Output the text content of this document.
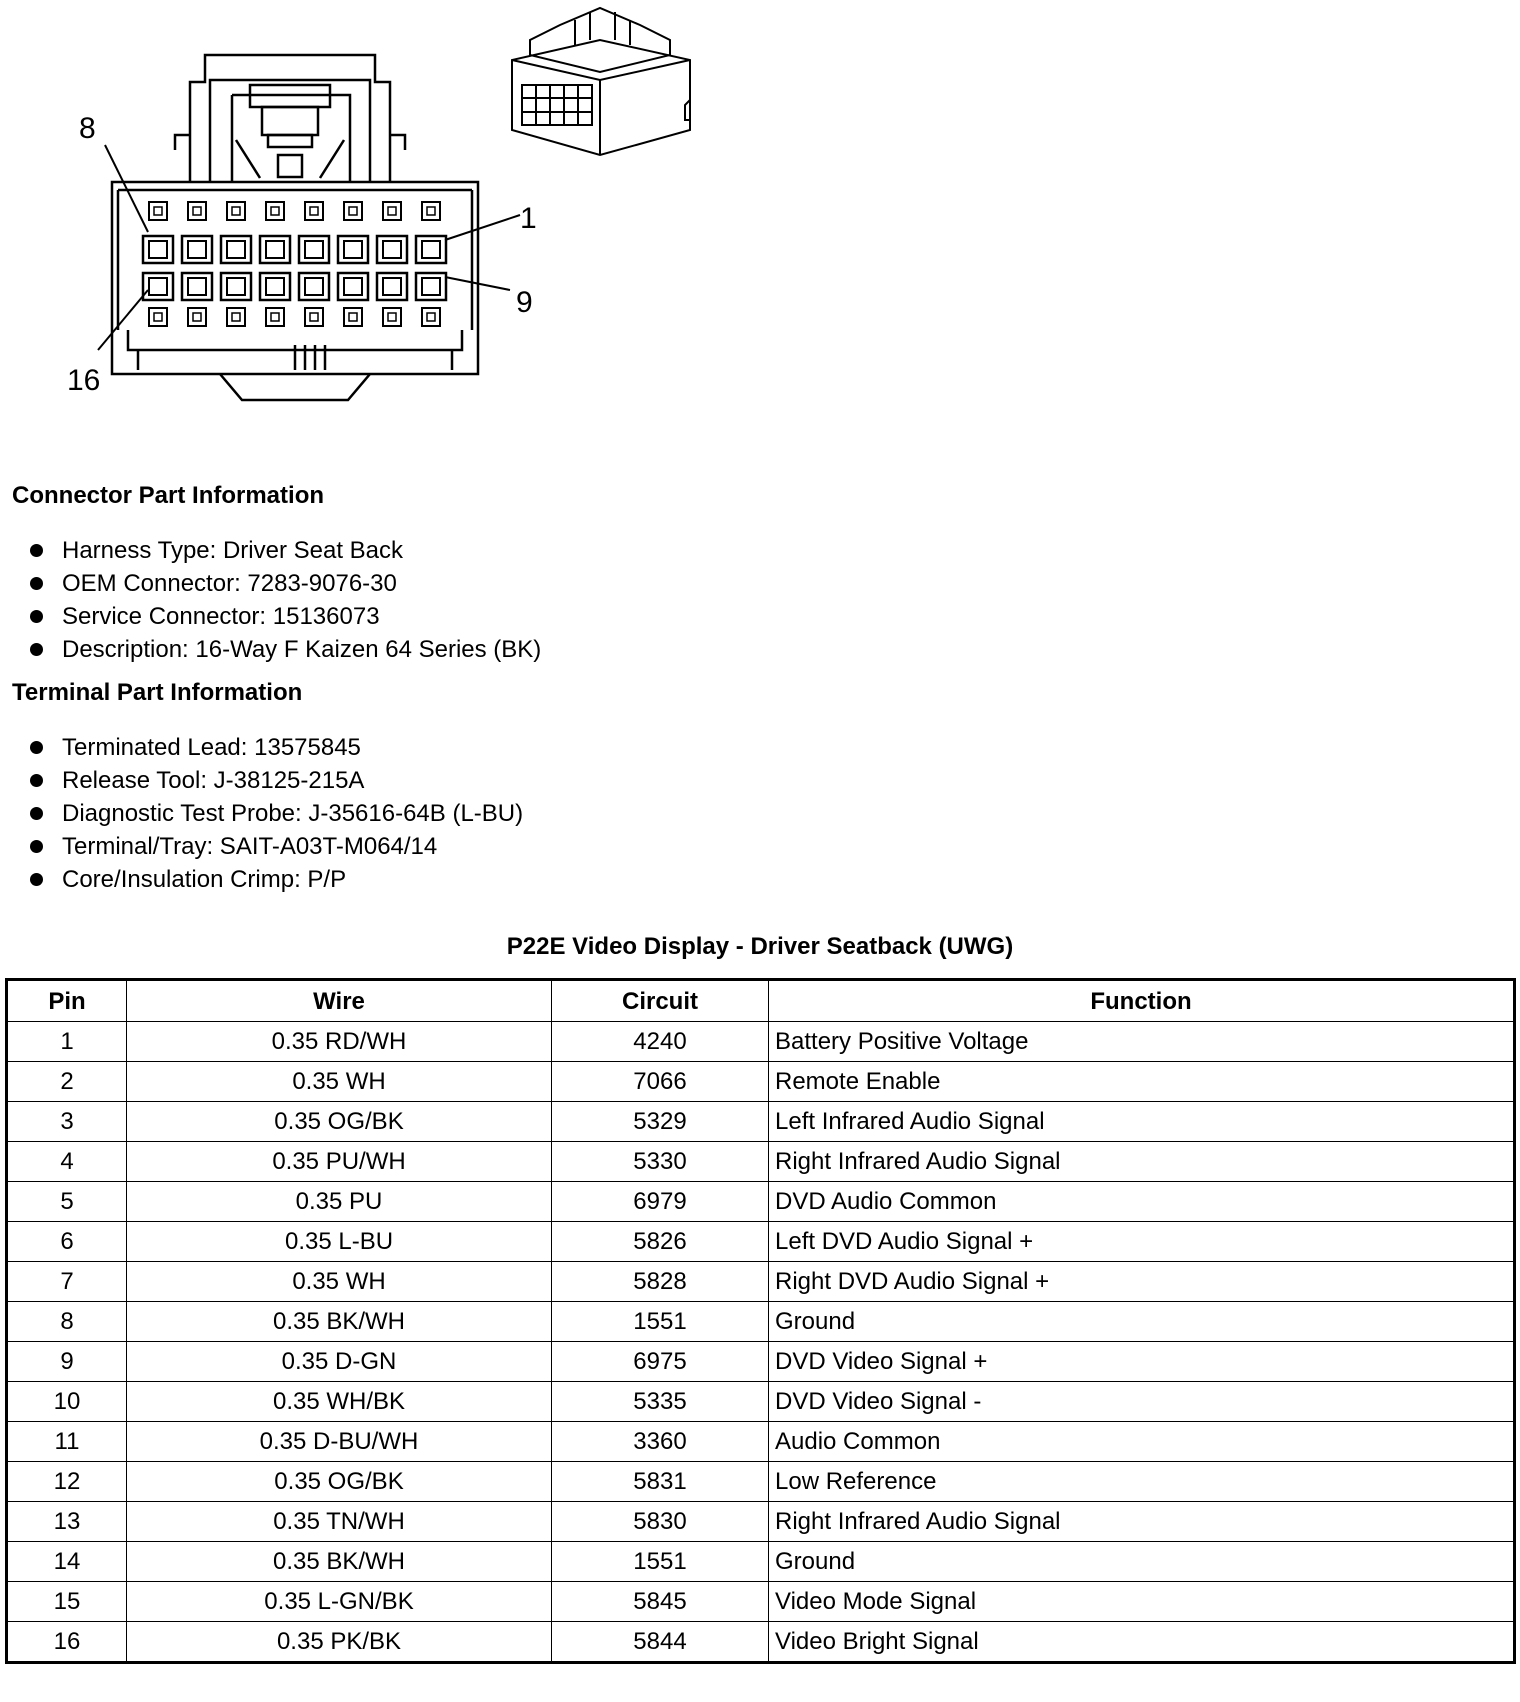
8
1
9
16
Connector Part Information
Harness Type: Driver Seat Back
OEM Connector: 7283-9076-30
Service Connector: 15136073
Description: 16-Way F Kaizen 64 Series (BK)
Terminal Part Information
Terminated Lead: 13575845
Release Tool: J-38125-215A
Diagnostic Test Probe: J-35616-64B (L-BU)
Terminal/Tray: SAIT-A03T-M064/14
Core/Insulation Crimp: P/P
P22E Video Display - Driver Seatback (UWG)
Pin	Wire	Circuit	Function
1	0.35 RD/WH	4240	Battery Positive Voltage
2	0.35 WH	7066	Remote Enable
3	0.35 OG/BK	5329	Left Infrared Audio Signal
4	0.35 PU/WH	5330	Right Infrared Audio Signal
5	0.35 PU	6979	DVD Audio Common
6	0.35 L-BU	5826	Left DVD Audio Signal +
7	0.35 WH	5828	Right DVD Audio Signal +
8	0.35 BK/WH	1551	Ground
9	0.35 D-GN	6975	DVD Video Signal +
10	0.35 WH/BK	5335	DVD Video Signal -
11	0.35 D-BU/WH	3360	Audio Common
12	0.35 OG/BK	5831	Low Reference
13	0.35 TN/WH	5830	Right Infrared Audio Signal
14	0.35 BK/WH	1551	Ground
15	0.35 L-GN/BK	5845	Video Mode Signal
16	0.35 PK/BK	5844	Video Bright Signal
